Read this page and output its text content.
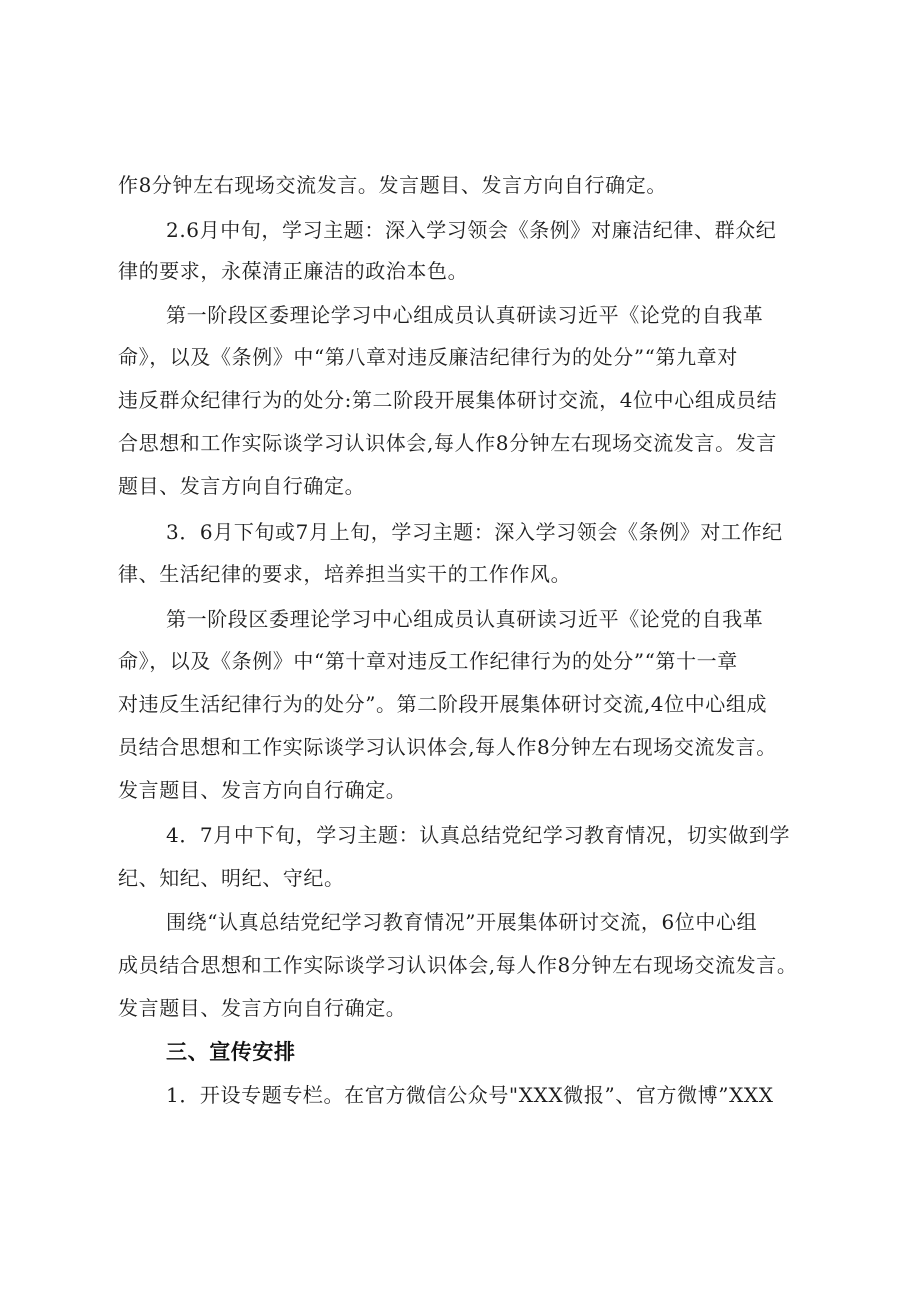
作8分钟左右现场交流发言。发言题目、发言方向自行确定。

2.6月中旬，学习主题：深入学习领会《条例》对廉洁纪律、群众纪

律的要求，永葆清正廉洁的政治本色。

第一阶段区委理论学习中心组成员认真研读习近平《论党的自我革

命》，以及《条例》中“第八章对违反廉洁纪律行为的处分”“第九章对

违反群众纪律行为的处分:第二阶段开展集体研讨交流，4位中心组成员结

合思想和工作实际谈学习认识体会,每人作8分钟左右现场交流发言。发言

题目、发言方向自行确定。

3．6月下旬或7月上旬，学习主题：深入学习领会《条例》对工作纪

律、生活纪律的要求，培养担当实干的工作作风。

第一阶段区委理论学习中心组成员认真研读习近平《论党的自我革

命》，以及《条例》中“第十章对违反工作纪律行为的处分”“第十一章

对违反生活纪律行为的处分”。第二阶段开展集体研讨交流,4位中心组成

员结合思想和工作实际谈学习认识体会,每人作8分钟左右现场交流发言。

发言题目、发言方向自行确定。

4．7月中下旬，学习主题：认真总结党纪学习教育情况，切实做到学

纪、知纪、明纪、守纪。

围绕“认真总结党纪学习教育情况”开展集体研讨交流，6位中心组

成员结合思想和工作实际谈学习认识体会,每人作8分钟左右现场交流发言。

发言题目、发言方向自行确定。

三、宣传安排

1．开设专题专栏。在官方微信公众号"XXX微报”、官方微博”XXX
